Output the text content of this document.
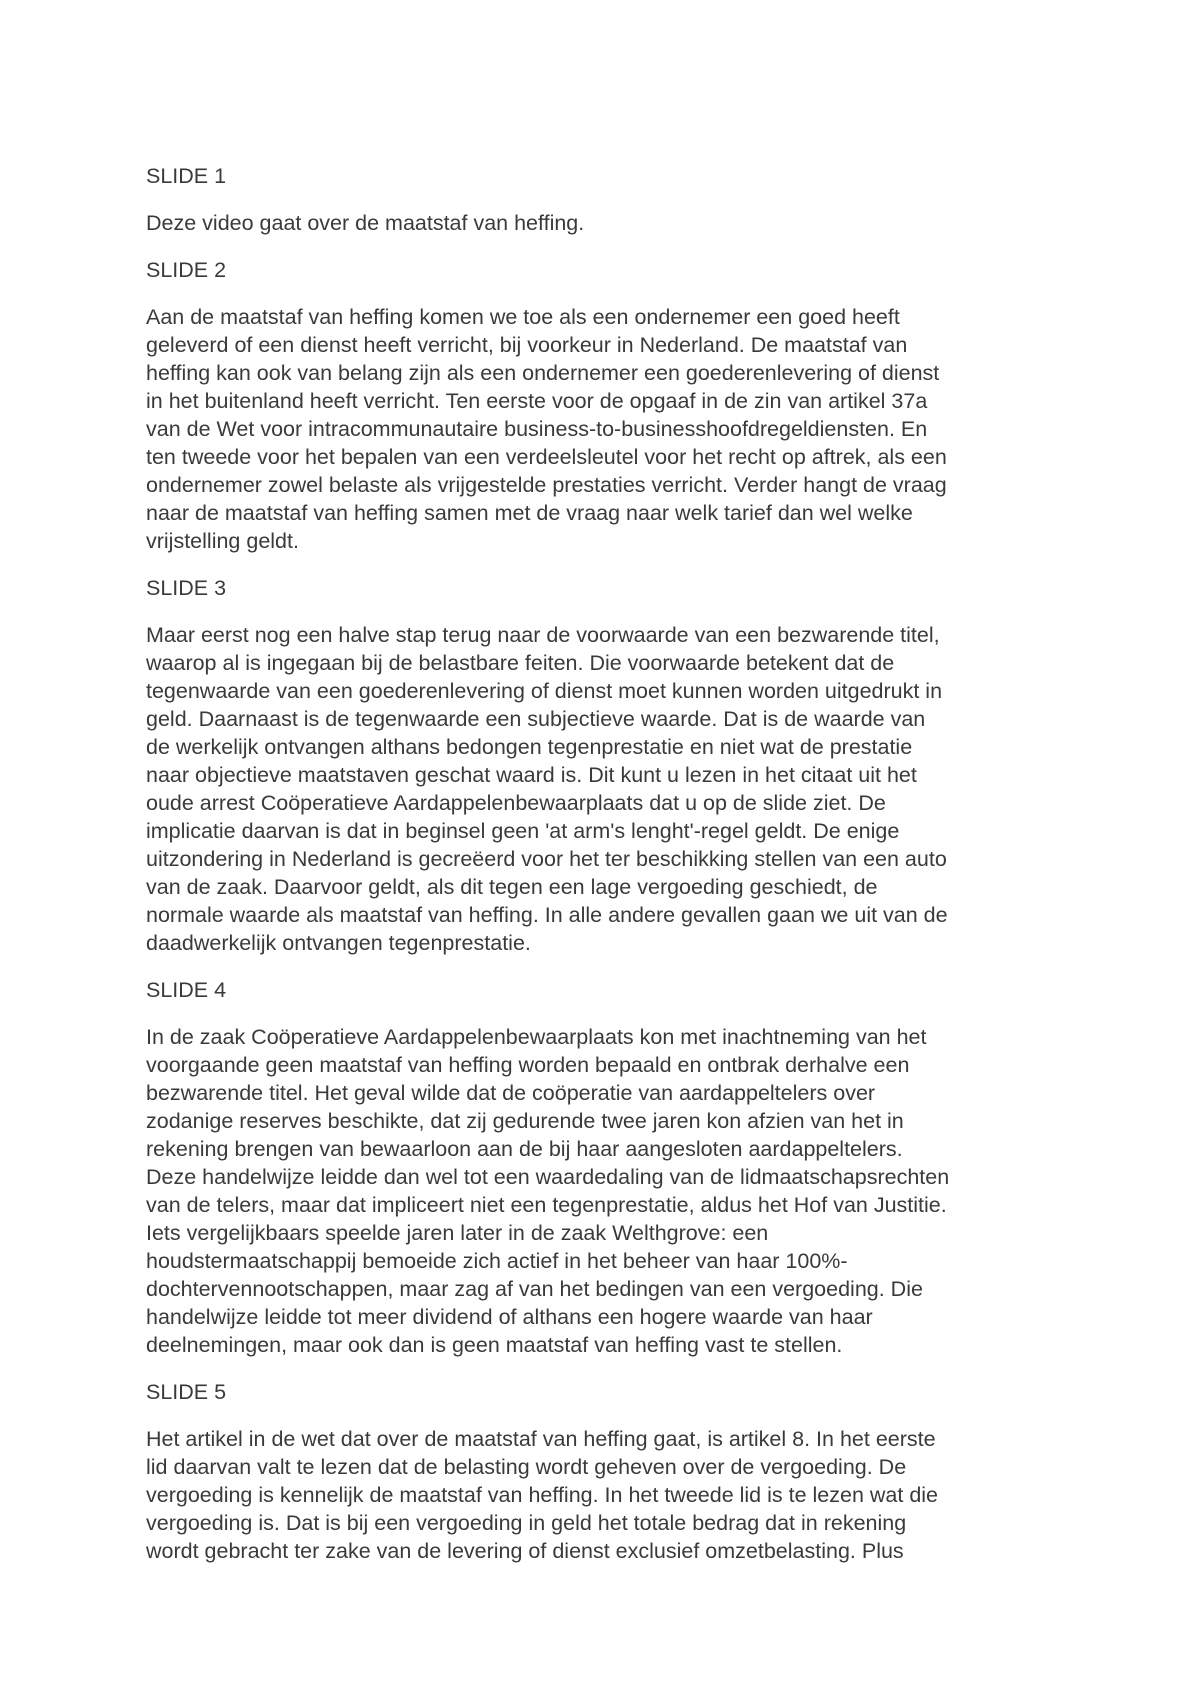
SLIDE 1

Deze video gaat over de maatstaf van heffing.

SLIDE 2

Aan de maatstaf van heffing komen we toe als een ondernemer een goed heeft

geleverd of een dienst heeft verricht, bij voorkeur in Nederland. De maatstaf van

heffing kan ook van belang zijn als een ondernemer een goederenlevering of dienst

in het buitenland heeft verricht. Ten eerste voor de opgaaf in de zin van artikel 37a

van de Wet voor intracommunautaire business-to-businesshoofdregeldiensten. En

ten tweede voor het bepalen van een verdeelsleutel voor het recht op aftrek, als een

ondernemer zowel belaste als vrijgestelde prestaties verricht. Verder hangt de vraag

naar de maatstaf van heffing samen met de vraag naar welk tarief dan wel welke

vrijstelling geldt.

SLIDE 3

Maar eerst nog een halve stap terug naar de voorwaarde van een bezwarende titel,

waarop al is ingegaan bij de belastbare feiten. Die voorwaarde betekent dat de

tegenwaarde van een goederenlevering of dienst moet kunnen worden uitgedrukt in

geld. Daarnaast is de tegenwaarde een subjectieve waarde. Dat is de waarde van

de werkelijk ontvangen althans bedongen tegenprestatie en niet wat de prestatie

naar objectieve maatstaven geschat waard is. Dit kunt u lezen in het citaat uit het

oude arrest Coöperatieve Aardappelenbewaarplaats dat u op de slide ziet. De

implicatie daarvan is dat in beginsel geen 'at arm's lenght'-regel geldt. De enige

uitzondering in Nederland is gecreëerd voor het ter beschikking stellen van een auto

van de zaak. Daarvoor geldt, als dit tegen een lage vergoeding geschiedt, de

normale waarde als maatstaf van heffing. In alle andere gevallen gaan we uit van de

daadwerkelijk ontvangen tegenprestatie.

SLIDE 4

In de zaak Coöperatieve Aardappelenbewaarplaats kon met inachtneming van het

voorgaande geen maatstaf van heffing worden bepaald en ontbrak derhalve een

bezwarende titel. Het geval wilde dat de coöperatie van aardappeltelers over

zodanige reserves beschikte, dat zij gedurende twee jaren kon afzien van het in

rekening brengen van bewaarloon aan de bij haar aangesloten aardappeltelers.

Deze handelwijze leidde dan wel tot een waardedaling van de lidmaatschapsrechten

van de telers, maar dat impliceert niet een tegenprestatie, aldus het Hof van Justitie.

Iets vergelijkbaars speelde jaren later in de zaak Welthgrove: een

houdstermaatschappij bemoeide zich actief in het beheer van haar 100%-

dochtervennootschappen, maar zag af van het bedingen van een vergoeding. Die

handelwijze leidde tot meer dividend of althans een hogere waarde van haar

deelnemingen, maar ook dan is geen maatstaf van heffing vast te stellen.

SLIDE 5

Het artikel in de wet dat over de maatstaf van heffing gaat, is artikel 8. In het eerste

lid daarvan valt te lezen dat de belasting wordt geheven over de vergoeding. De

vergoeding is kennelijk de maatstaf van heffing. In het tweede lid is te lezen wat die

vergoeding is. Dat is bij een vergoeding in geld het totale bedrag dat in rekening

wordt gebracht ter zake van de levering of dienst exclusief omzetbelasting. Plus
